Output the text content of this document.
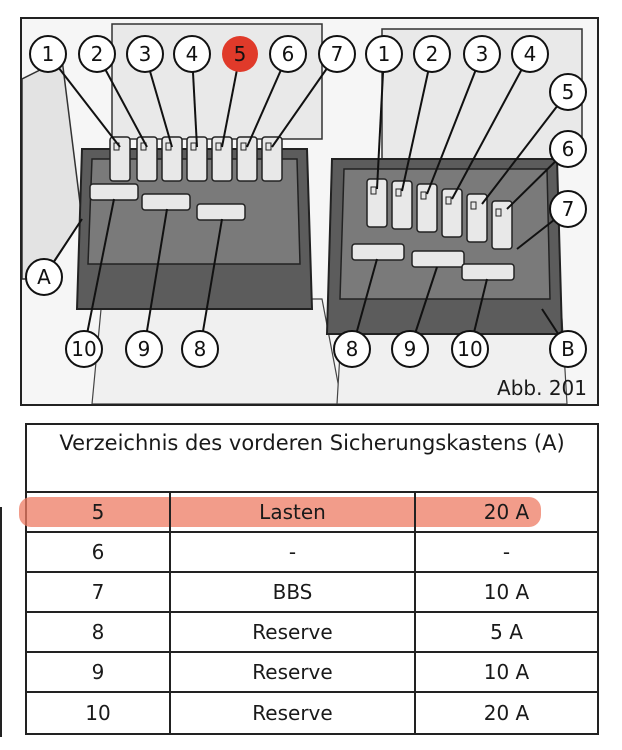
1 2 3 4 5 6 7
A
10 9 8
1 2 3 4
5
6
7
8 9 10	B
Abb. 201
Verzeichnis des vorderen Sicherungskastens (A)
5	Lasten	20 A
6	-	-
7	BBS	10 A
8	Reserve	5 A
9	Reserve	10 A
10	Reserve	20 A
